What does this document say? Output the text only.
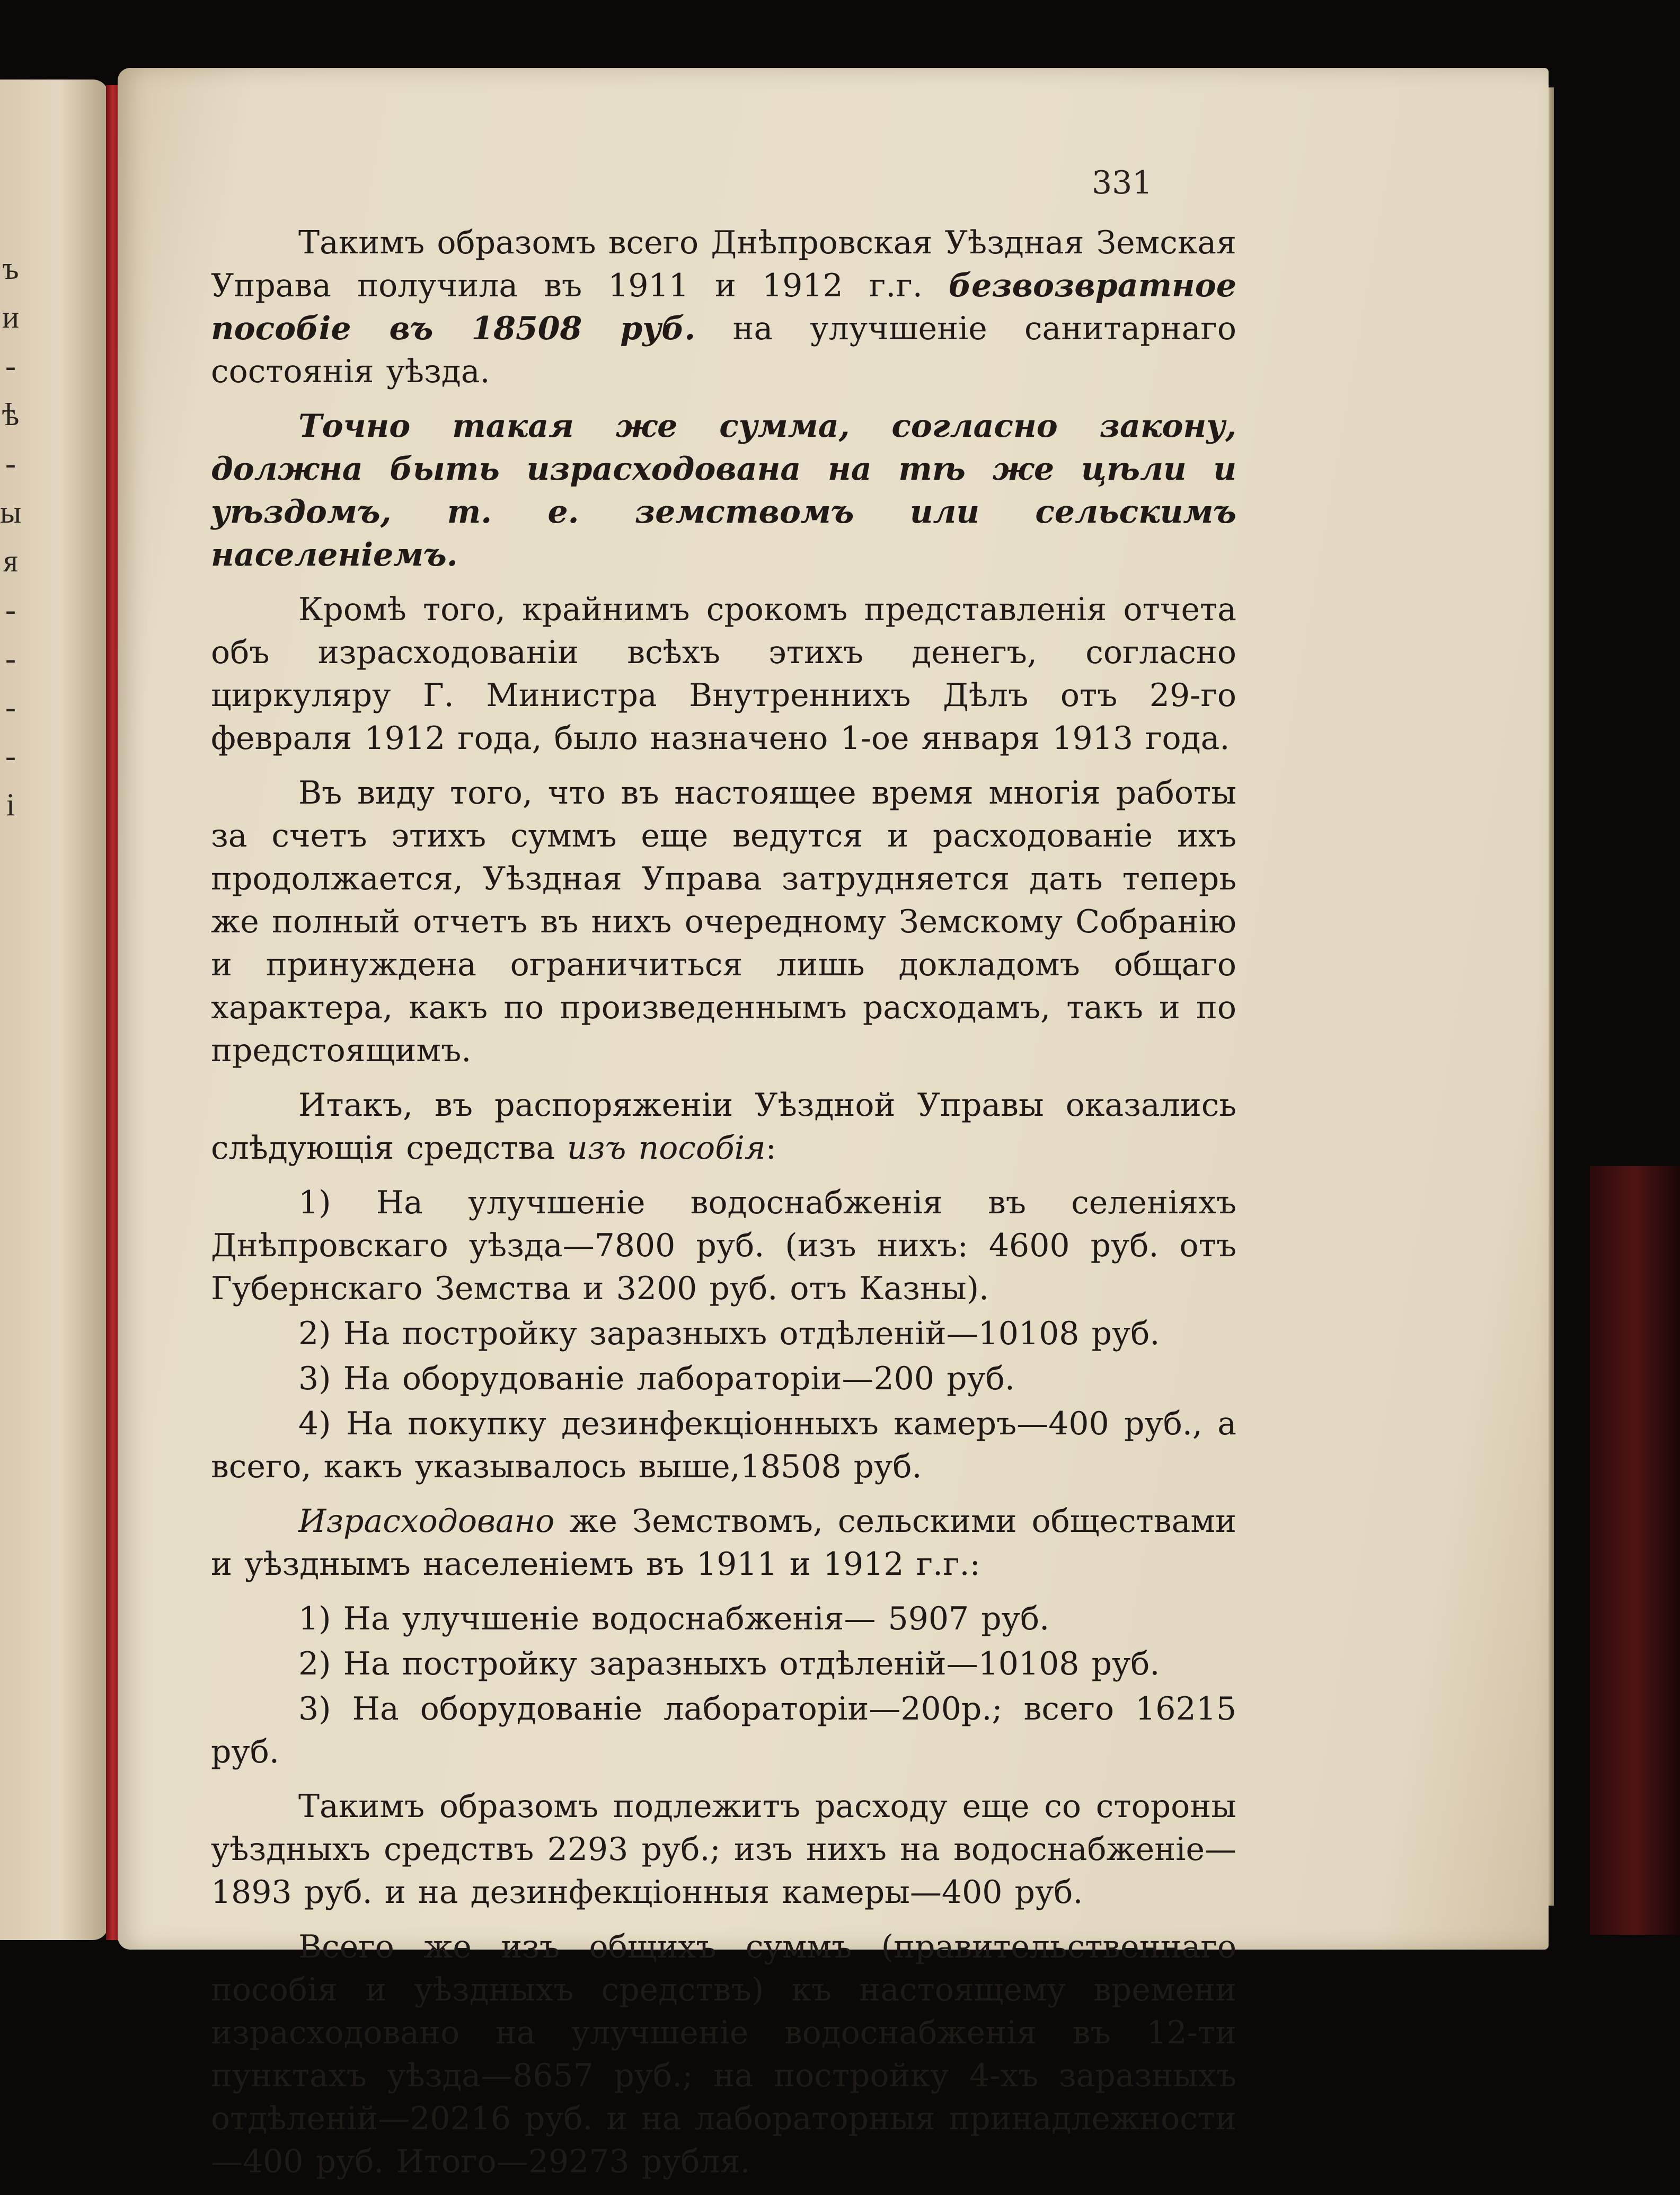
ъ
и
-
ѣ
-
ы
я
-
-
-
-
і
331

Такимъ образомъ всего Днѣпровская Уѣздная Земская Управа получила въ 1911 и 1912 г.г. безвозвратное пособіе въ 18508 руб. на улучшеніе санитарнаго состоянія уѣзда.

Точно такая же сумма, согласно закону, должна быть израсходована на тѣ же цѣли и уѣздомъ, т. е. земствомъ или сельскимъ населеніемъ.

Кромѣ того, крайнимъ срокомъ представленія отчета объ израсходованіи всѣхъ этихъ денегъ, согласно циркуляру Г. Министра Внутреннихъ Дѣлъ отъ 29-го февраля 1912 года, было назначено 1-ое января 1913 года.

Въ виду того, что въ настоящее время многія работы за счетъ этихъ суммъ еще ведутся и расходованіе ихъ продолжается, Уѣздная Управа затрудняется дать теперь же полный отчетъ въ нихъ очередному Земскому Собранію и принуждена ограничиться лишь докладомъ общаго характера, какъ по произведеннымъ расходамъ, такъ и по предстоящимъ.

Итакъ, въ распоряженіи Уѣздной Управы оказались слѣдующія средства изъ пособія:

1) На улучшеніе водоснабженія въ селеніяхъ Днѣпровскаго уѣзда—7800 руб. (изъ нихъ: 4600 руб. отъ Губернскаго Земства и 3200 руб. отъ Казны).

2) На постройку заразныхъ отдѣленій—10108 руб.

3) На оборудованіе лабораторіи—200 руб.

4) На покупку дезинфекціонныхъ камеръ—400 руб., а всего, какъ указывалось выше,18508 руб.

Израсходовано же Земствомъ, сельскими обществами и уѣзднымъ населеніемъ въ 1911 и 1912 г.г.:

1) На улучшеніе водоснабженія— 5907 руб.

2) На постройку заразныхъ отдѣленій—10108 руб.

3) На оборудованіе лабораторіи—200р.; всего 16215 руб.

Такимъ образомъ подлежитъ расходу еще со стороны уѣздныхъ средствъ 2293 руб.; изъ нихъ на водоснабженіе—1893 руб. и на дезинфекціонныя камеры—400 руб.

Всего же изъ общихъ суммъ (правительственнаго пособія и уѣздныхъ средствъ) къ настоящему времени израсходовано на улучшеніе водоснабженія въ 12-ти пунктахъ уѣзда—8657 руб.; на постройку 4-хъ заразныхъ отдѣленій—20216 руб. и на лабораторныя принадлежности—400 руб. Итого—29273 рубля.
